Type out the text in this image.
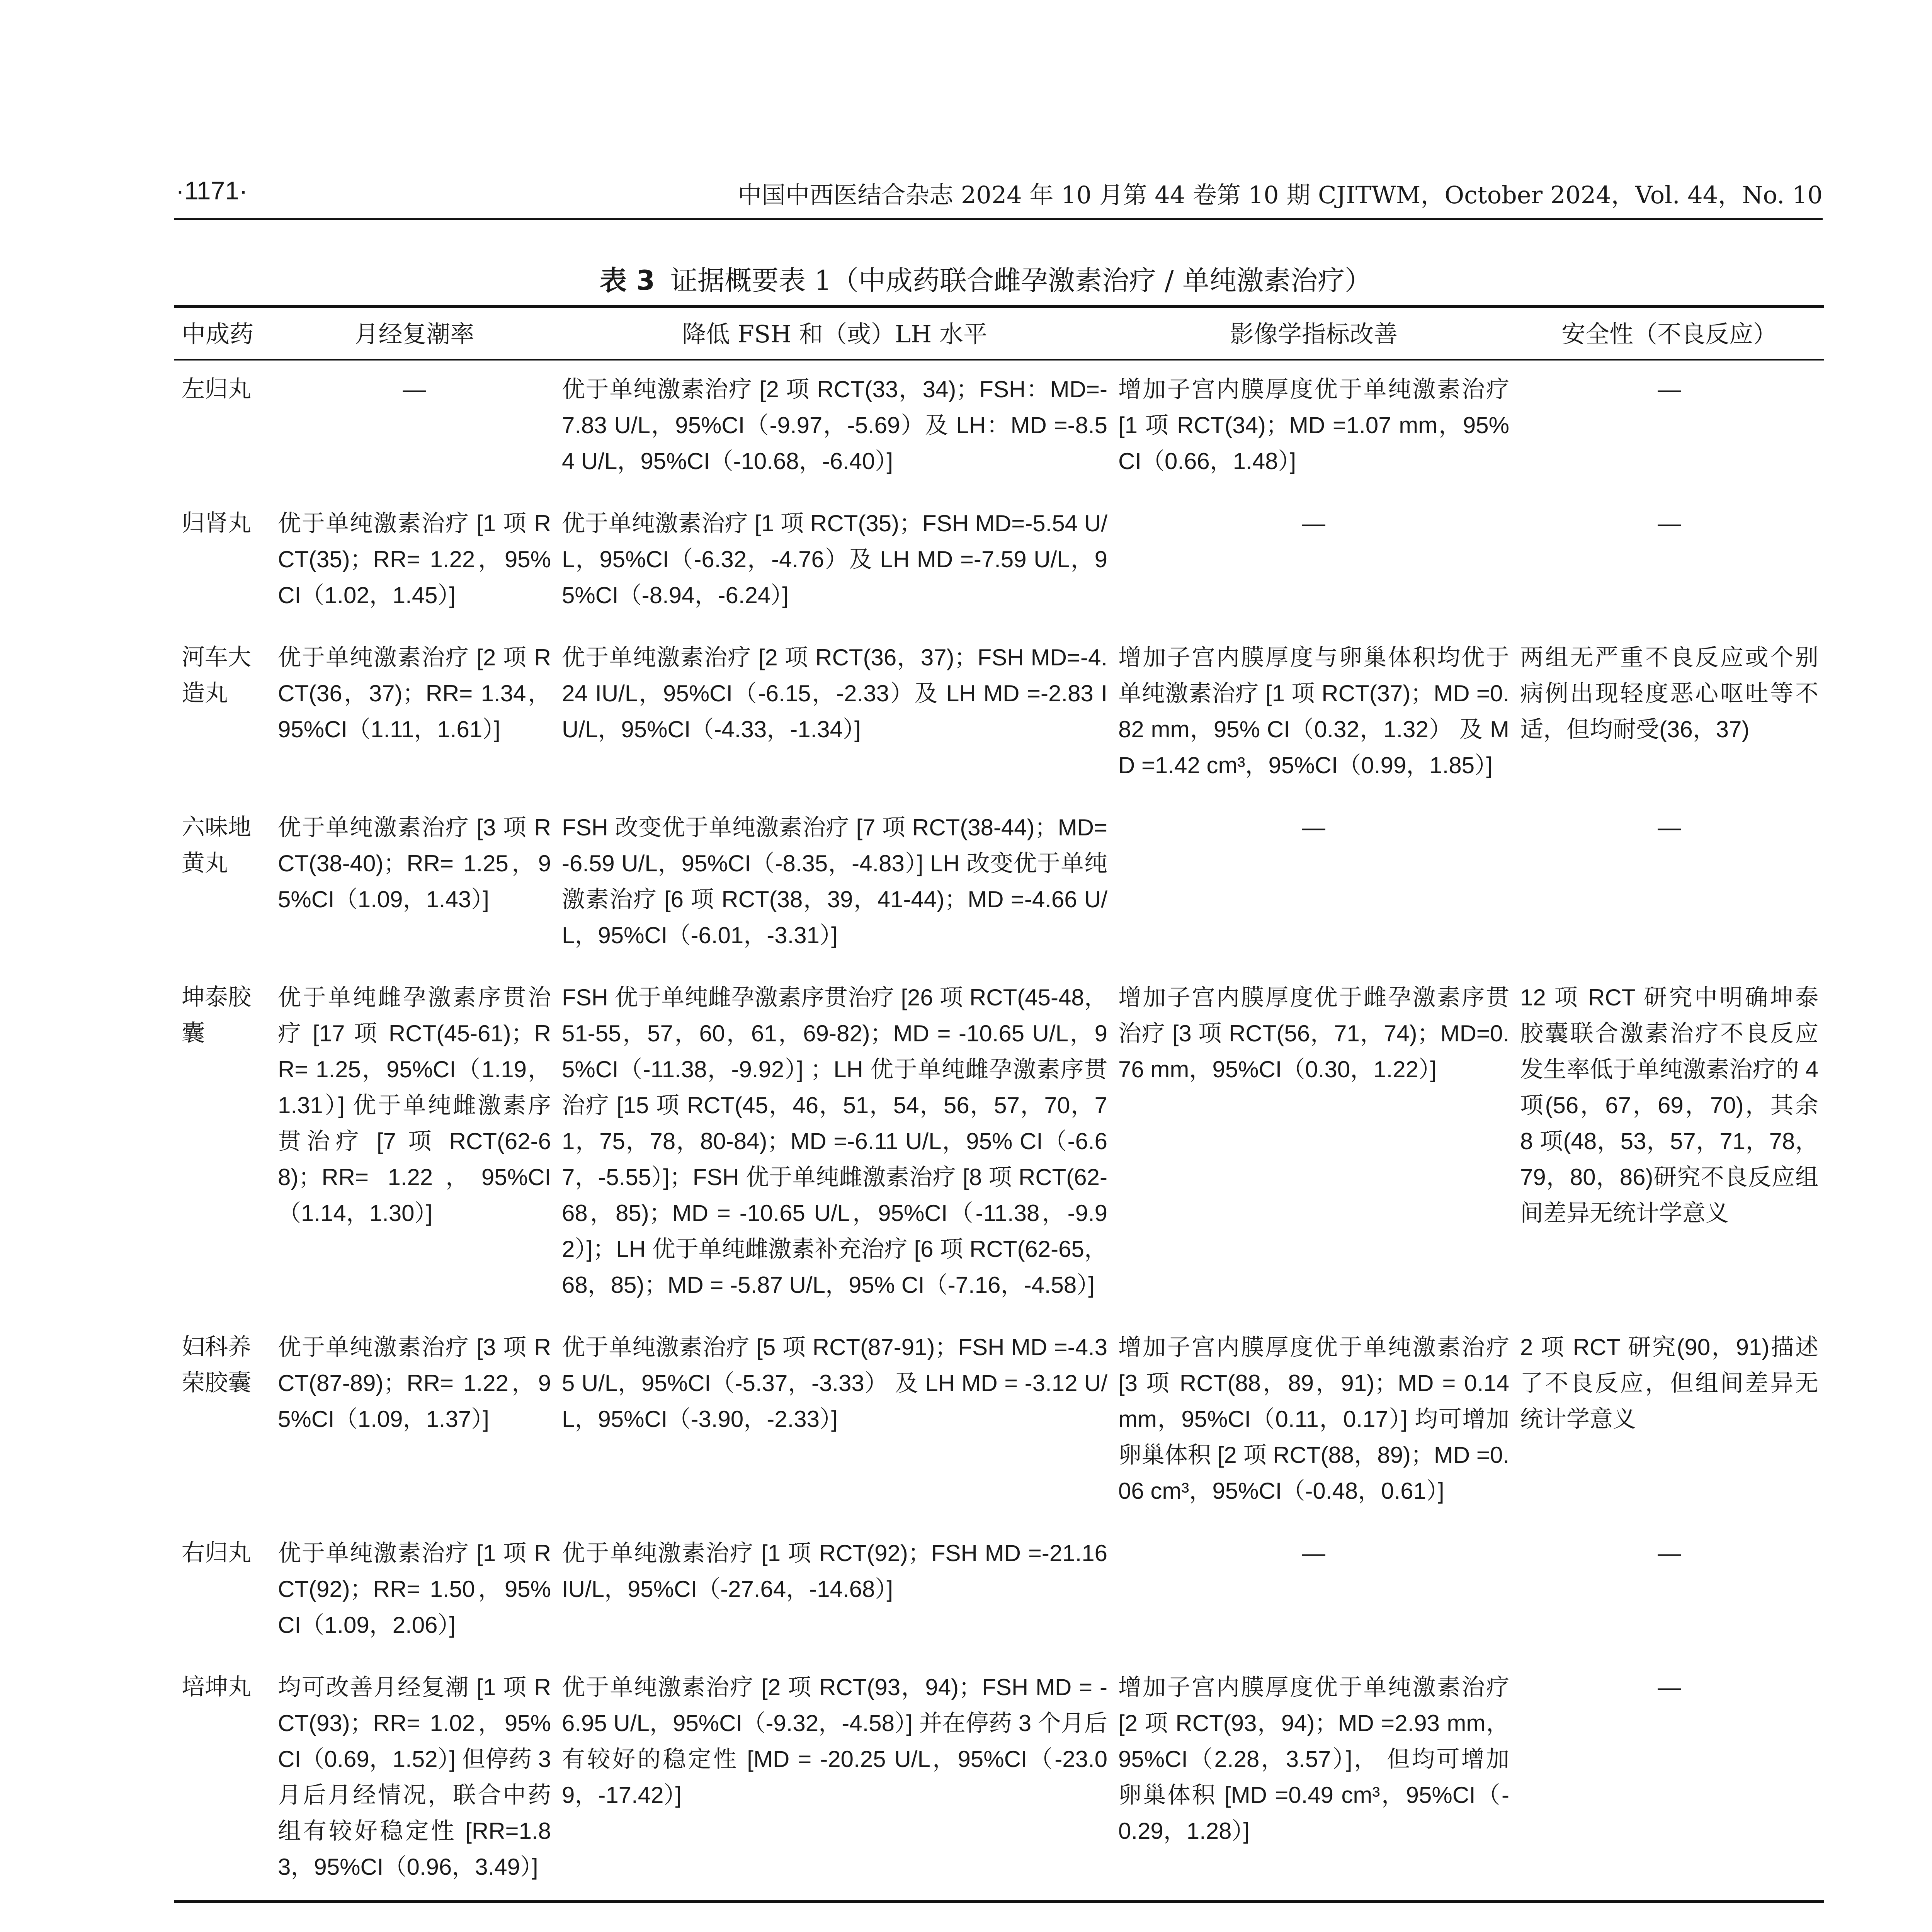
·1171·	中国中西医结合杂志 2024 年 10 月第 44 卷第 10 期 CJITWM，October 2024，Vol. 44，No. 10
表 3 证据概要表 1（中成药联合雌孕激素治疗 / 单纯激素治疗）
中成药	月经复潮率	降低 FSH 和（或）LH 水平	影像学指标改善	安全性（不良反应）
左归丸	—	优于单纯激素治疗 [2 项 RCT(33，34)；FSH：MD=-7.83 U/L，95%CI（-9.97，-5.69）及 LH：MD =-8.54 U/L，95%CI（-10.68，-6.40）]	增加子宫内膜厚度优于单纯激素治疗 [1 项 RCT(34)；MD =1.07 mm，95%CI（0.66，1.48）]	—
归肾丸	优于单纯激素治疗 [1 项 RCT(35)；RR= 1.22，95%CI（1.02，1.45）]	优于单纯激素治疗 [1 项 RCT(35)；FSH MD=-5.54 U/L，95%CI（-6.32，-4.76）及 LH MD =-7.59 U/L，95%CI（-8.94，-6.24）]	—	—
河车大造丸	优于单纯激素治疗 [2 项 RCT(36，37)；RR= 1.34，95%CI（1.11，1.61）]	优于单纯激素治疗 [2 项 RCT(36，37)；FSH MD=-4.24 IU/L，95%CI（-6.15，-2.33）及 LH MD =-2.83 IU/L，95%CI（-4.33，-1.34）]	增加子宫内膜厚度与卵巢体积均优于单纯激素治疗 [1 项 RCT(37)；MD =0.82 mm，95% CI（0.32，1.32） 及 MD =1.42 cm³，95%CI（0.99，1.85）]	两组无严重不良反应或个别病例出现轻度恶心呕吐等不适，但均耐受(36，37)
六味地黄丸	优于单纯激素治疗 [3 项 RCT(38-40)；RR= 1.25，95%CI（1.09，1.43）]	FSH 改变优于单纯激素治疗 [7 项 RCT(38-44)；MD=-6.59 U/L，95%CI（-8.35，-4.83）] LH 改变优于单纯激素治疗 [6 项 RCT(38，39，41-44)；MD =-4.66 U/L，95%CI（-6.01，-3.31）]	—	—
坤泰胶囊	优于单纯雌孕激素序贯治疗 [17 项 RCT(45-61)；RR= 1.25，95%CI（1.19，1.31）] 优于单纯雌激素序贯治疗 [7 项 RCT(62-68)；RR= 1.22，95%CI（1.14，1.30）]	FSH 优于单纯雌孕激素序贯治疗 [26 项 RCT(45-48，51-55，57，60，61，69-82)；MD = -10.65 U/L，95%CI（-11.38，-9.92）] ；LH 优于单纯雌孕激素序贯治疗 [15 项 RCT(45，46，51，54，56，57，70，71，75，78，80-84)；MD =-6.11 U/L，95% CI（-6.67，-5.55）]；FSH 优于单纯雌激素治疗 [8 项 RCT(62-68，85)；MD = -10.65 U/L，95%CI（-11.38，-9.92）]；LH 优于单纯雌激素补充治疗 [6 项 RCT(62-65，68，85)；MD = -5.87 U/L，95% CI（-7.16，-4.58）]	增加子宫内膜厚度优于雌孕激素序贯治疗 [3 项 RCT(56，71，74)；MD=0.76 mm，95%CI（0.30，1.22）]	12 项 RCT 研究中明确坤泰胶囊联合激素治疗不良反应发生率低于单纯激素治疗的 4 项(56，67，69，70)，其余 8 项(48，53，57，71，78，79，80，86)研究不良反应组间差异无统计学意义
妇科养荣胶囊	优于单纯激素治疗 [3 项 RCT(87-89)；RR= 1.22，95%CI（1.09，1.37）]	优于单纯激素治疗 [5 项 RCT(87-91)；FSH MD =-4.35 U/L，95%CI（-5.37，-3.33） 及 LH MD = -3.12 U/L，95%CI（-3.90，-2.33）]	增加子宫内膜厚度优于单纯激素治疗 [3 项 RCT(88，89，91)；MD = 0.14 mm，95%CI（0.11，0.17）] 均可增加卵巢体积 [2 项 RCT(88，89)；MD =0.06 cm³，95%CI（-0.48，0.61）]	2 项 RCT 研究(90，91)描述了不良反应，但组间差异无统计学意义
右归丸	优于单纯激素治疗 [1 项 RCT(92)；RR= 1.50，95%CI（1.09，2.06）]	优于单纯激素治疗 [1 项 RCT(92)；FSH MD =-21.16 IU/L，95%CI（-27.64，-14.68）]	—	—
培坤丸	均可改善月经复潮 [1 项 RCT(93)；RR= 1.02，95%CI（0.69，1.52）] 但停药 3 月后月经情况，联合中药组有较好稳定性 [RR=1.83，95%CI（0.96，3.49）]	优于单纯激素治疗 [2 项 RCT(93，94)；FSH MD = -6.95 U/L，95%CI（-9.32，-4.58）] 并在停药 3 个月后有较好的稳定性 [MD = -20.25 U/L，95%CI（-23.09，-17.42）]	增加子宫内膜厚度优于单纯激素治疗 [2 项 RCT(93，94)；MD =2.93 mm，95%CI（2.28，3.57）]， 但均可增加卵巢体积 [MD =0.49 cm³，95%CI（-0.29，1.28）]	—
